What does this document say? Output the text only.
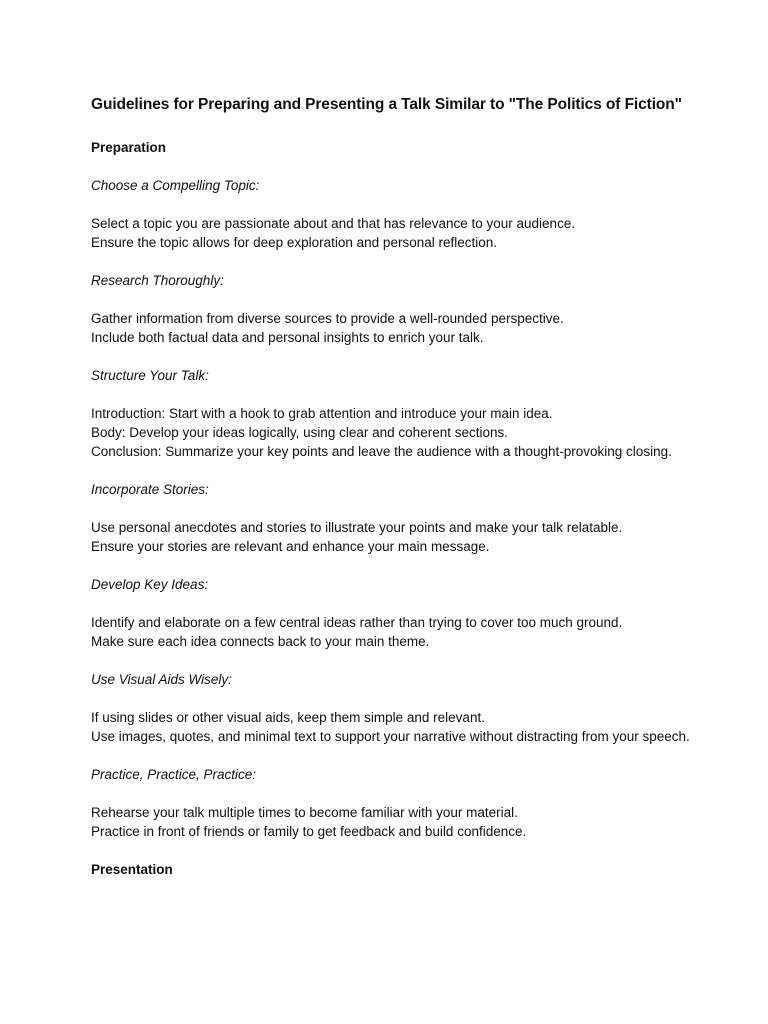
Guidelines for Preparing and Presenting a Talk Similar to "The Politics of Fiction"

Preparation

Choose a Compelling Topic:

Select a topic you are passionate about and that has relevance to your audience.

Ensure the topic allows for deep exploration and personal reflection.

Research Thoroughly:

Gather information from diverse sources to provide a well-rounded perspective.

Include both factual data and personal insights to enrich your talk.

Structure Your Talk:

Introduction: Start with a hook to grab attention and introduce your main idea.

Body: Develop your ideas logically, using clear and coherent sections.

Conclusion: Summarize your key points and leave the audience with a thought-provoking closing.

Incorporate Stories:

Use personal anecdotes and stories to illustrate your points and make your talk relatable.

Ensure your stories are relevant and enhance your main message.

Develop Key Ideas:

Identify and elaborate on a few central ideas rather than trying to cover too much ground.

Make sure each idea connects back to your main theme.

Use Visual Aids Wisely:

If using slides or other visual aids, keep them simple and relevant.

Use images, quotes, and minimal text to support your narrative without distracting from your speech.

Practice, Practice, Practice:

Rehearse your talk multiple times to become familiar with your material.

Practice in front of friends or family to get feedback and build confidence.

Presentation
